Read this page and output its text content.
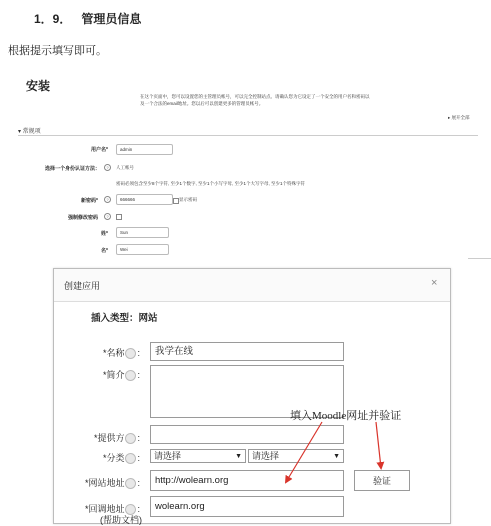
1．9． 管理员信息
根据提示填写即可。
安装
在这个页面中，您可以设置您的主管理员帐号，可以完全控制站点。请确认您为它设定了一个安全的用户名和密码以及一个合法的email地址。您以后可以创建更多的管理员帐号。
▸ 展开全部
▾ 常规项
用户名*	admin
选择一个身份认证方法：	?	人工帐号
密码必须包含至少8个字符, 至少1个数字, 至少1个小写字母, 至少1个大写字母, 至少1个特殊字符
新密码*	?	666666	显示密码
强制修改密码	?
姓*	Sun
名*	Wei
创建应用	×
插入类型：网站
*名称 :	我学在线
*简介 :
*提供方 :
*分类 :	请选择	▼	请选择	▼
*网站地址 :	http://wolearn.org	验证
*回调地址 :	wolearn.org
(帮助文档)
填入Moodle网址并验证
